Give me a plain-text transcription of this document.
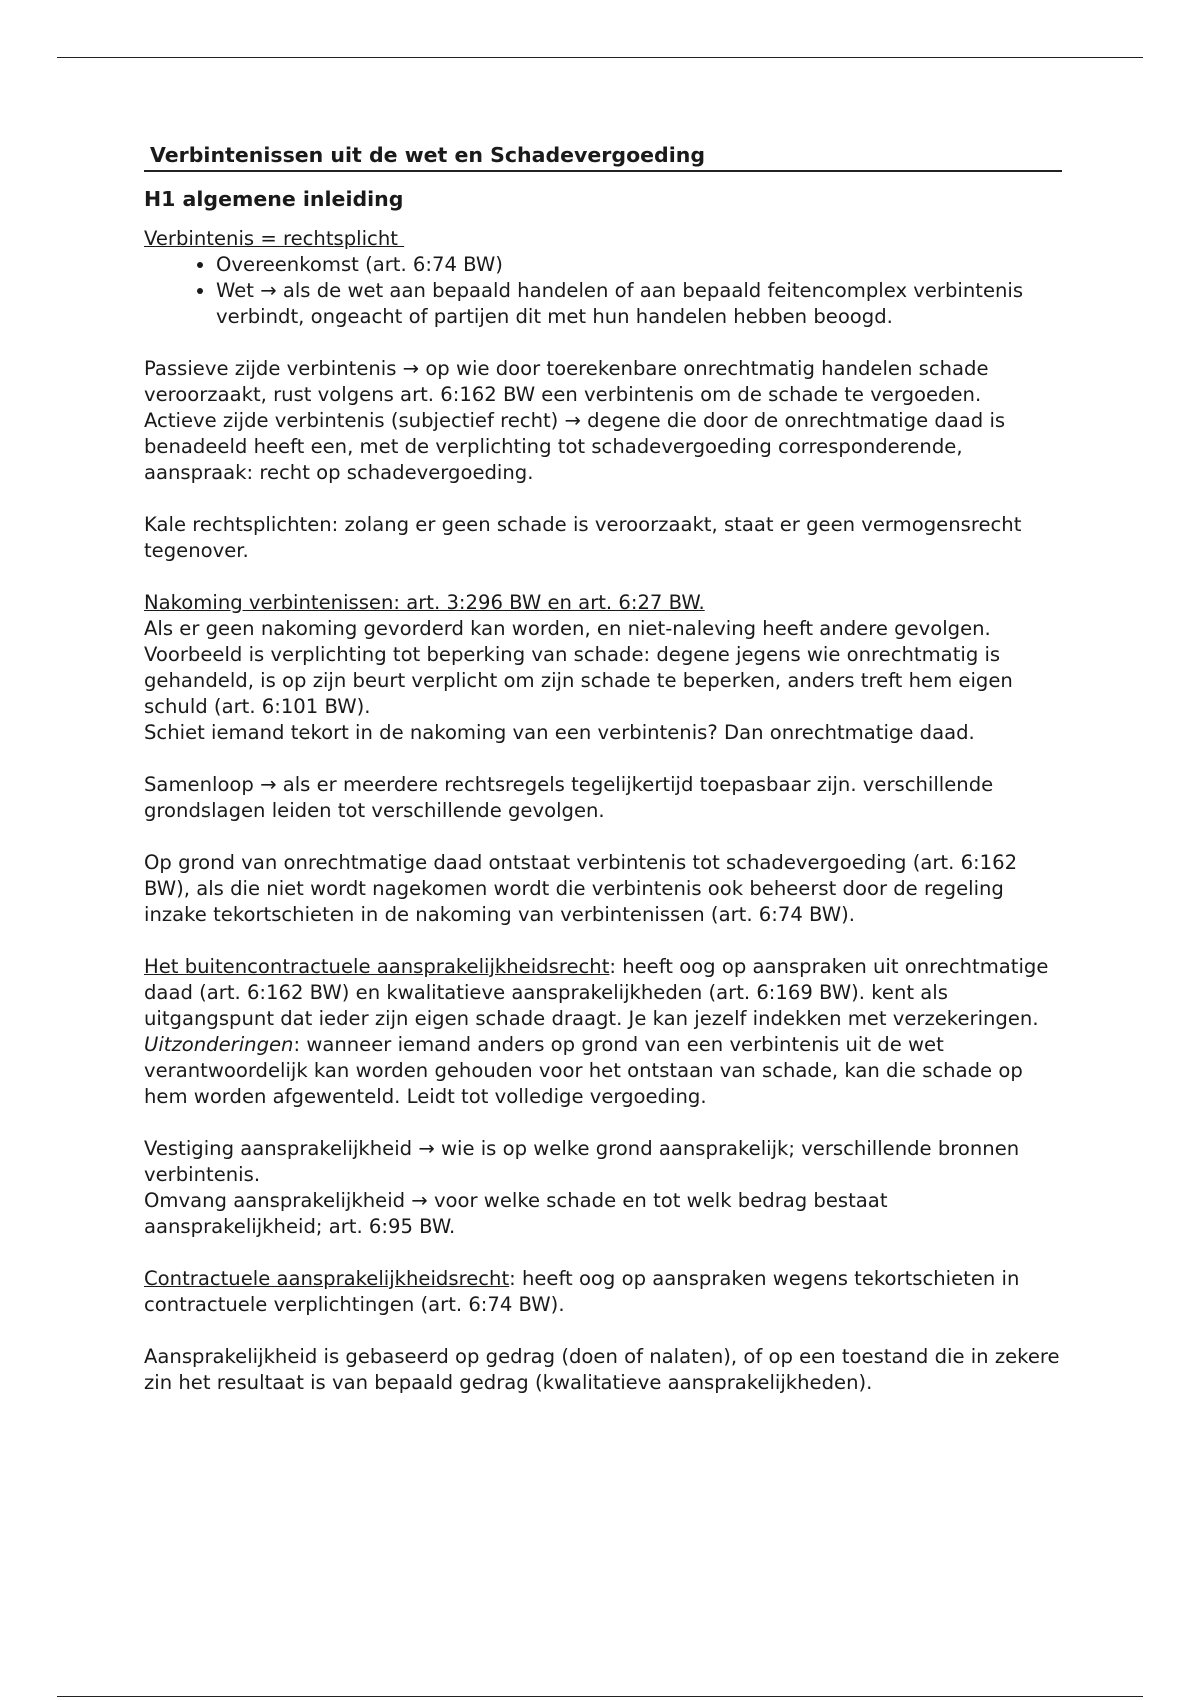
Verbintenissen uit de wet en Schadevergoeding
H1 algemene inleiding
Verbintenis = rechtsplicht
• Overeenkomst (art. 6:74 BW)
• Wet → als de wet aan bepaald handelen of aan bepaald feitencomplex verbintenis verbindt, ongeacht of partijen dit met hun handelen hebben beoogd.

Passieve zijde verbintenis → op wie door toerekenbare onrechtmatig handelen schade veroorzaakt, rust volgens art. 6:162 BW een verbintenis om de schade te vergoeden.

Actieve zijde verbintenis (subjectief recht) → degene die door de onrechtmatige daad is benadeeld heeft een, met de verplichting tot schadevergoeding corresponderende, aanspraak: recht op schadevergoeding.

Kale rechtsplichten: zolang er geen schade is veroorzaakt, staat er geen vermogensrecht tegenover.

Nakoming verbintenissen: art. 3:296 BW en art. 6:27 BW.

Als er geen nakoming gevorderd kan worden, en niet-naleving heeft andere gevolgen. Voorbeeld is verplichting tot beperking van schade: degene jegens wie onrechtmatig is gehandeld, is op zijn beurt verplicht om zijn schade te beperken, anders treft hem eigen schuld (art. 6:101 BW).

Schiet iemand tekort in de nakoming van een verbintenis? Dan onrechtmatige daad.

Samenloop → als er meerdere rechtsregels tegelijkertijd toepasbaar zijn. verschillende grondslagen leiden tot verschillende gevolgen.

Op grond van onrechtmatige daad ontstaat verbintenis tot schadevergoeding (art. 6:162 BW), als die niet wordt nagekomen wordt die verbintenis ook beheerst door de regeling inzake tekortschieten in de nakoming van verbintenissen (art. 6:74 BW).

Het buitencontractuele aansprakelijkheidsrecht: heeft oog op aanspraken uit onrechtmatige daad (art. 6:162 BW) en kwalitatieve aansprakelijkheden (art. 6:169 BW). kent als uitgangspunt dat ieder zijn eigen schade draagt. Je kan jezelf indekken met verzekeringen. Uitzonderingen: wanneer iemand anders op grond van een verbintenis uit de wet verantwoordelijk kan worden gehouden voor het ontstaan van schade, kan die schade op hem worden afgewenteld. Leidt tot volledige vergoeding.

Vestiging aansprakelijkheid → wie is op welke grond aansprakelijk; verschillende bronnen verbintenis.

Omvang aansprakelijkheid → voor welke schade en tot welk bedrag bestaat aansprakelijkheid; art. 6:95 BW.

Contractuele aansprakelijkheidsrecht: heeft oog op aanspraken wegens tekortschieten in contractuele verplichtingen (art. 6:74 BW).

Aansprakelijkheid is gebaseerd op gedrag (doen of nalaten), of op een toestand die in zekere zin het resultaat is van bepaald gedrag (kwalitatieve aansprakelijkheden).
